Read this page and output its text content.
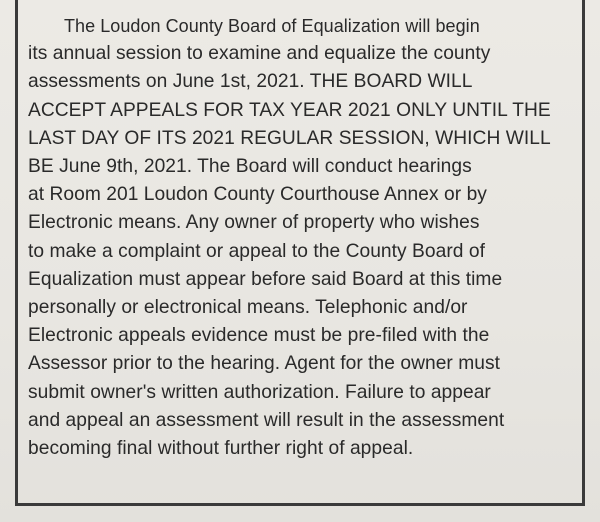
The Loudon County Board of Equalization will begin
its annual session to examine and equalize the county
assessments on June 1st, 2021. THE BOARD WILL
ACCEPT APPEALS FOR TAX YEAR 2021 ONLY UNTIL THE
LAST DAY OF ITS 2021 REGULAR SESSION, WHICH WILL
BE June 9th, 2021. The Board will conduct hearings
at Room 201 Loudon County Courthouse Annex or by
Electronic means. Any owner of property who wishes
to make a complaint or appeal to the County Board of
Equalization must appear before said Board at this time
personally or electronical means. Telephonic and/or
Electronic appeals evidence must be pre-filed with the
Assessor prior to the hearing. Agent for the owner must
submit owner's written authorization. Failure to appear
and appeal an assessment will result in the assessment
becoming final without further right of appeal.
